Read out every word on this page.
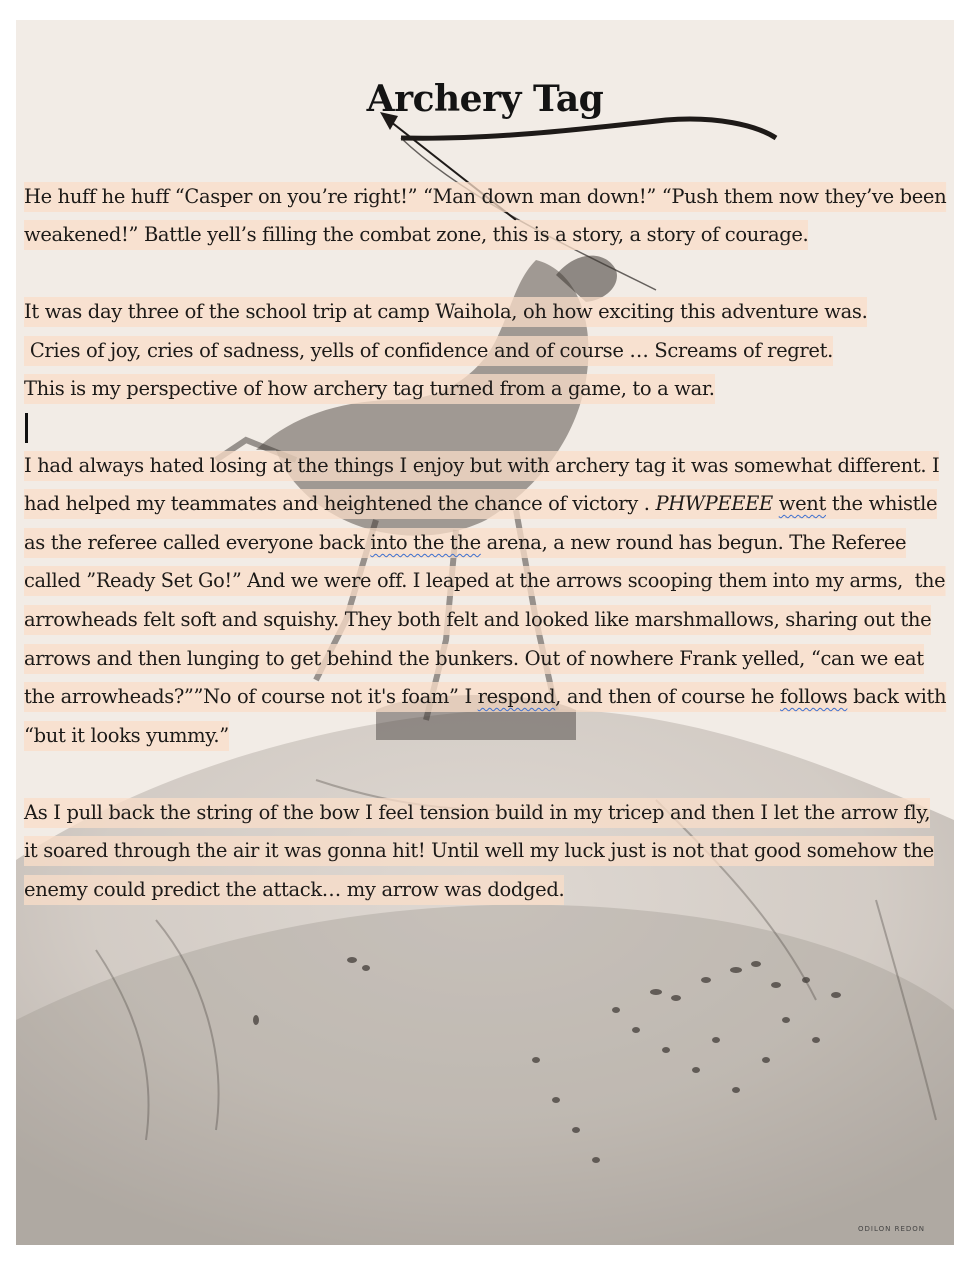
Archery Tag
He huff he huff “Casper on you’re right!” “Man down man down!” “Push them now they’ve been
weakened!” Battle yell’s filling the combat zone, this is a story, a story of courage.
It was day three of the school trip at camp Waihola, oh how exciting this adventure was.
Cries of joy, cries of sadness, yells of confidence and of course … Screams of regret.
This is my perspective of how archery tag turned from a game, to a war.
I had always hated losing at the things I enjoy but with archery tag it was somewhat different. I
had helped my teammates and heightened the chance of victory . PHWPEEEE went the whistle
as the referee called everyone back into the the arena, a new round has begun. The Referee
called ”Ready Set Go!” And we were off. I leaped at the arrows scooping them into my arms,  the
arrowheads felt soft and squishy. They both felt and looked like marshmallows, sharing out the
arrows and then lunging to get behind the bunkers. Out of nowhere Frank yelled, “can we eat
the arrowheads?””No of course not it's foam” I respond, and then of course he follows back with
“but it looks yummy.”
As I pull back the string of the bow I feel tension build in my tricep and then I let the arrow fly,
it soared through the air it was gonna hit! Until well my luck just is not that good somehow the
enemy could predict the attack… my arrow was dodged.
ODILON REDON
